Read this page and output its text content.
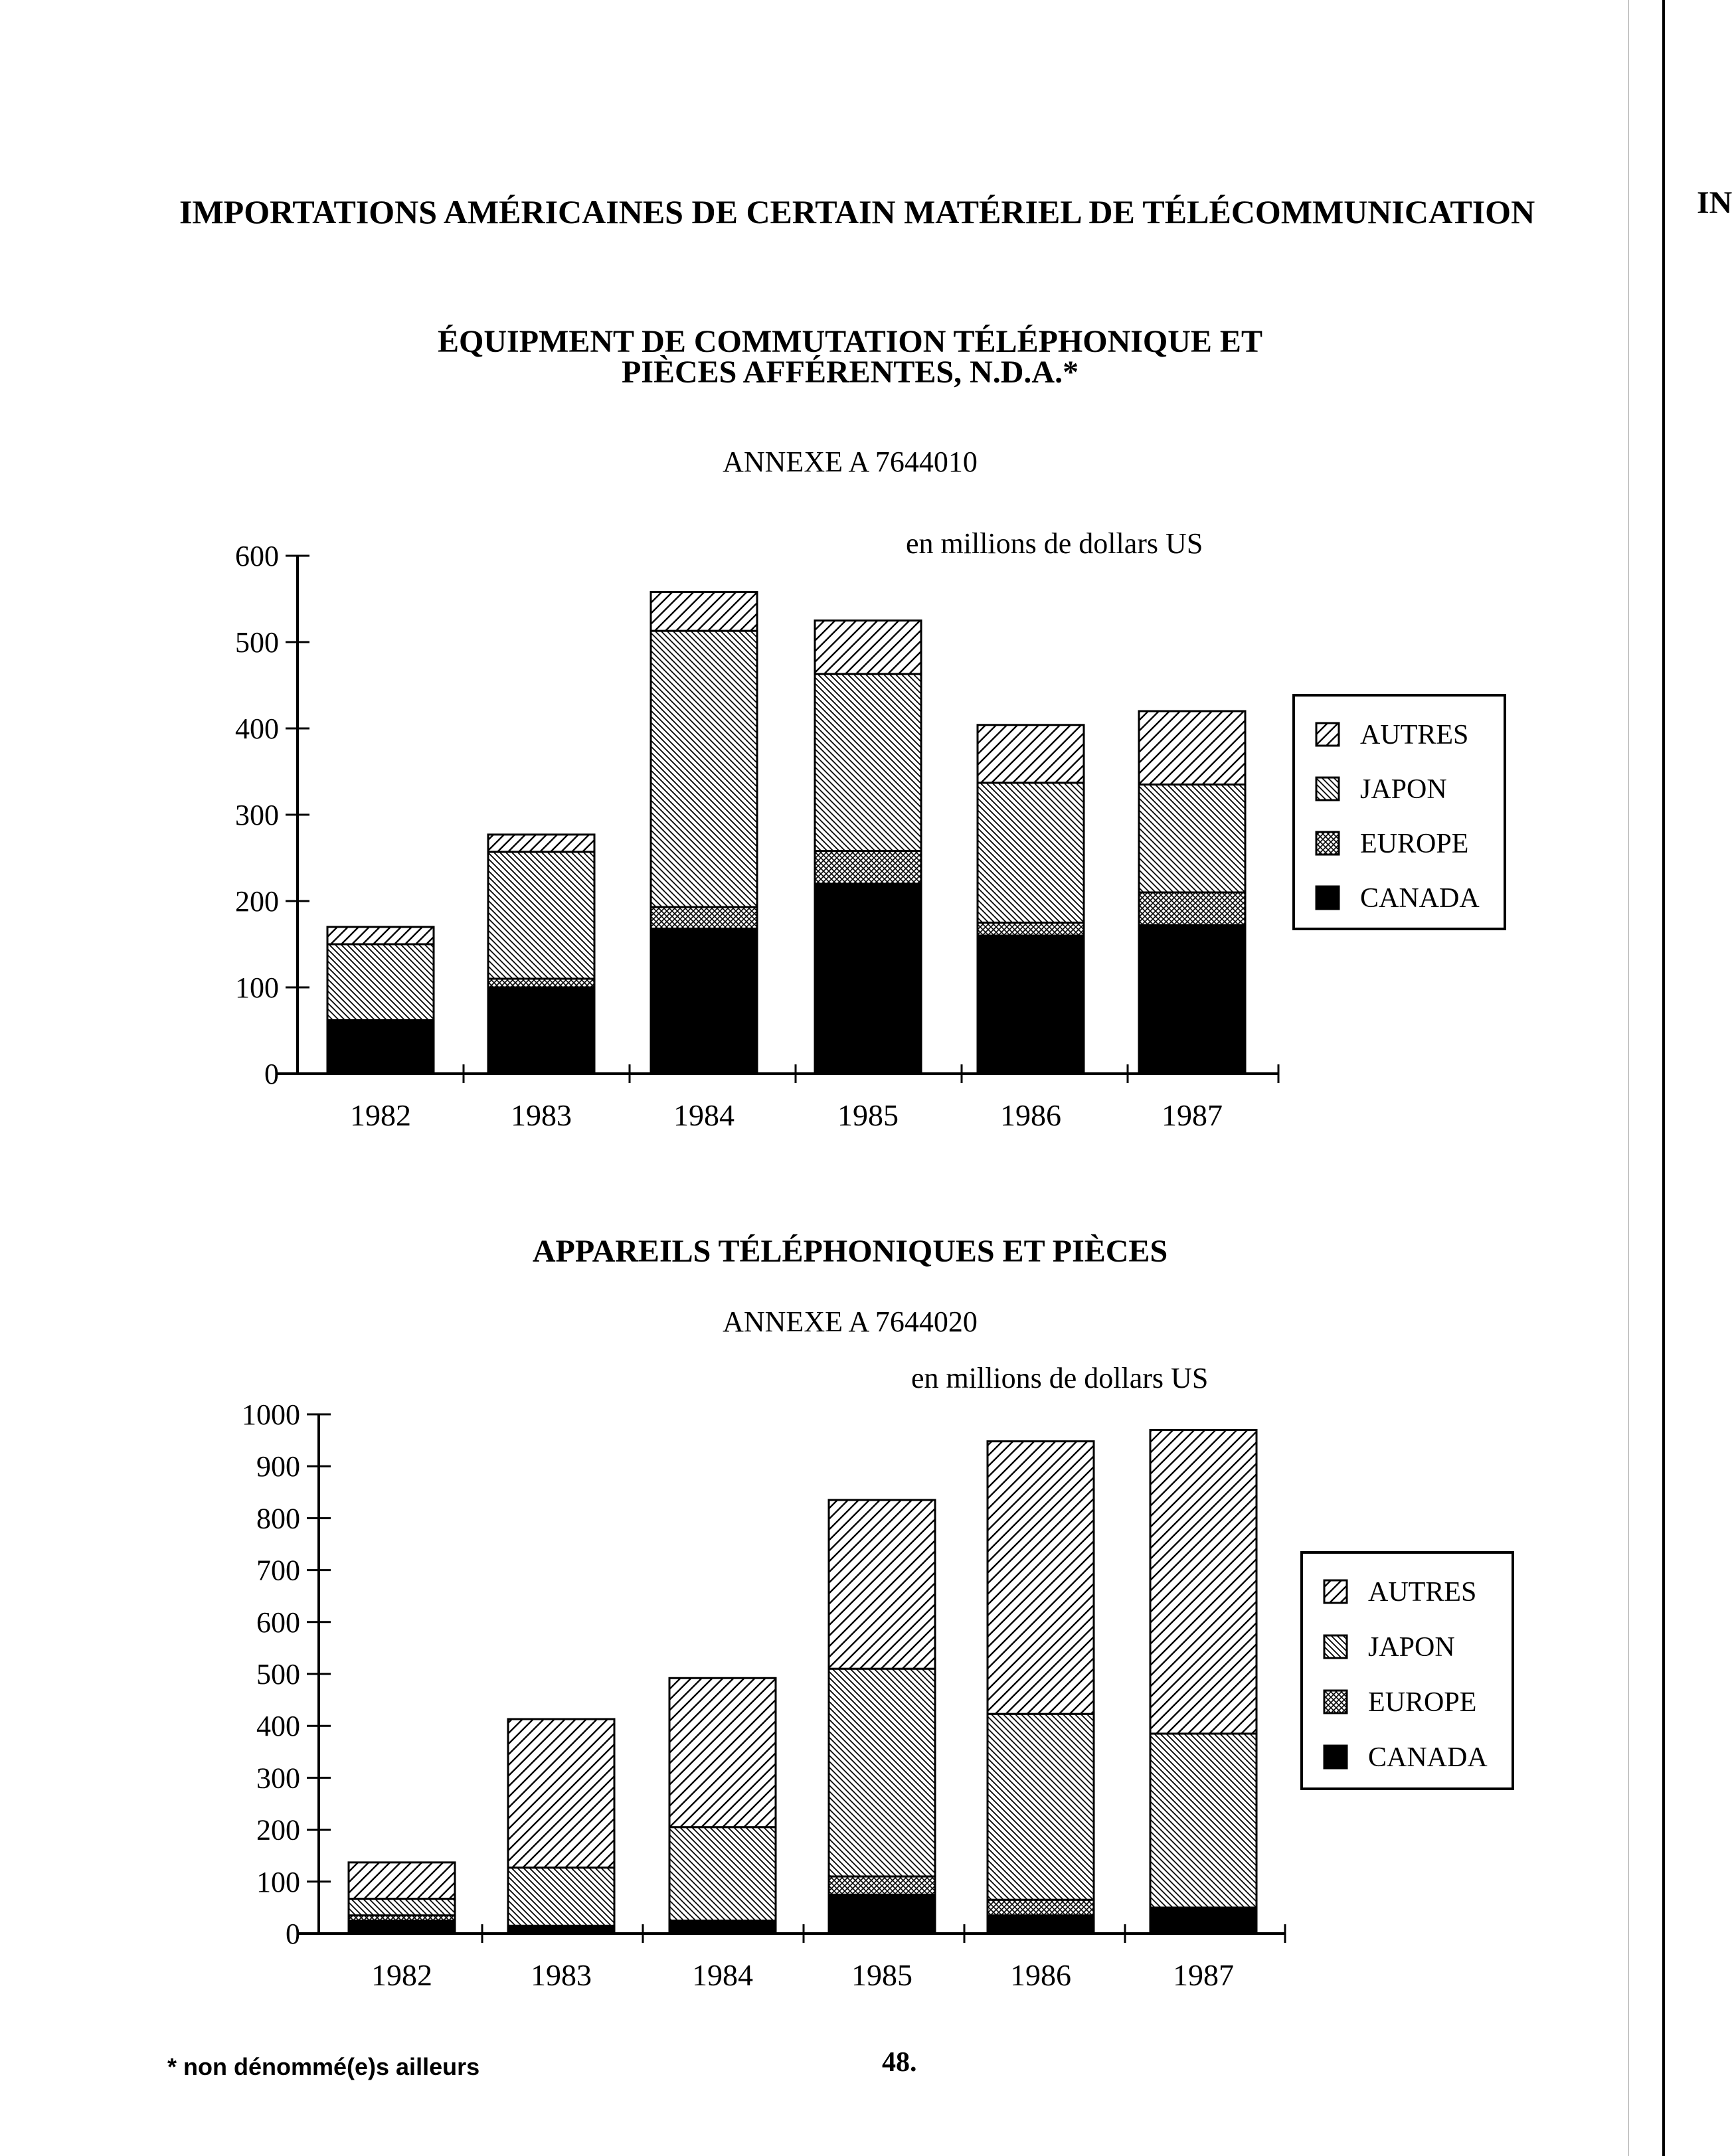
IN
IMPORTATIONS AMÉRICAINES DE CERTAIN MATÉRIEL DE TÉLÉCOMMUNICATION
ÉQUIPMENT DE COMMUTATION TÉLÉPHONIQUE ET
PIÈCES AFFÉRENTES, N.D.A.*
ANNEXE A 7644010
en millions de dollars US
APPAREILS TÉLÉPHONIQUES ET PIÈCES
ANNEXE A 7644020
en millions de dollars US
0
100
200
300
400
500
600
1982	1983	1984	1985	1986	1987
AUTRES
JAPON
EUROPE
CANADA
0
100
200
300
400
500
600
700
800
900
1000
1982	1983	1984	1985	1986	1987
AUTRES
JAPON
EUROPE
CANADA
* non dénommé(e)s ailleurs	48.
